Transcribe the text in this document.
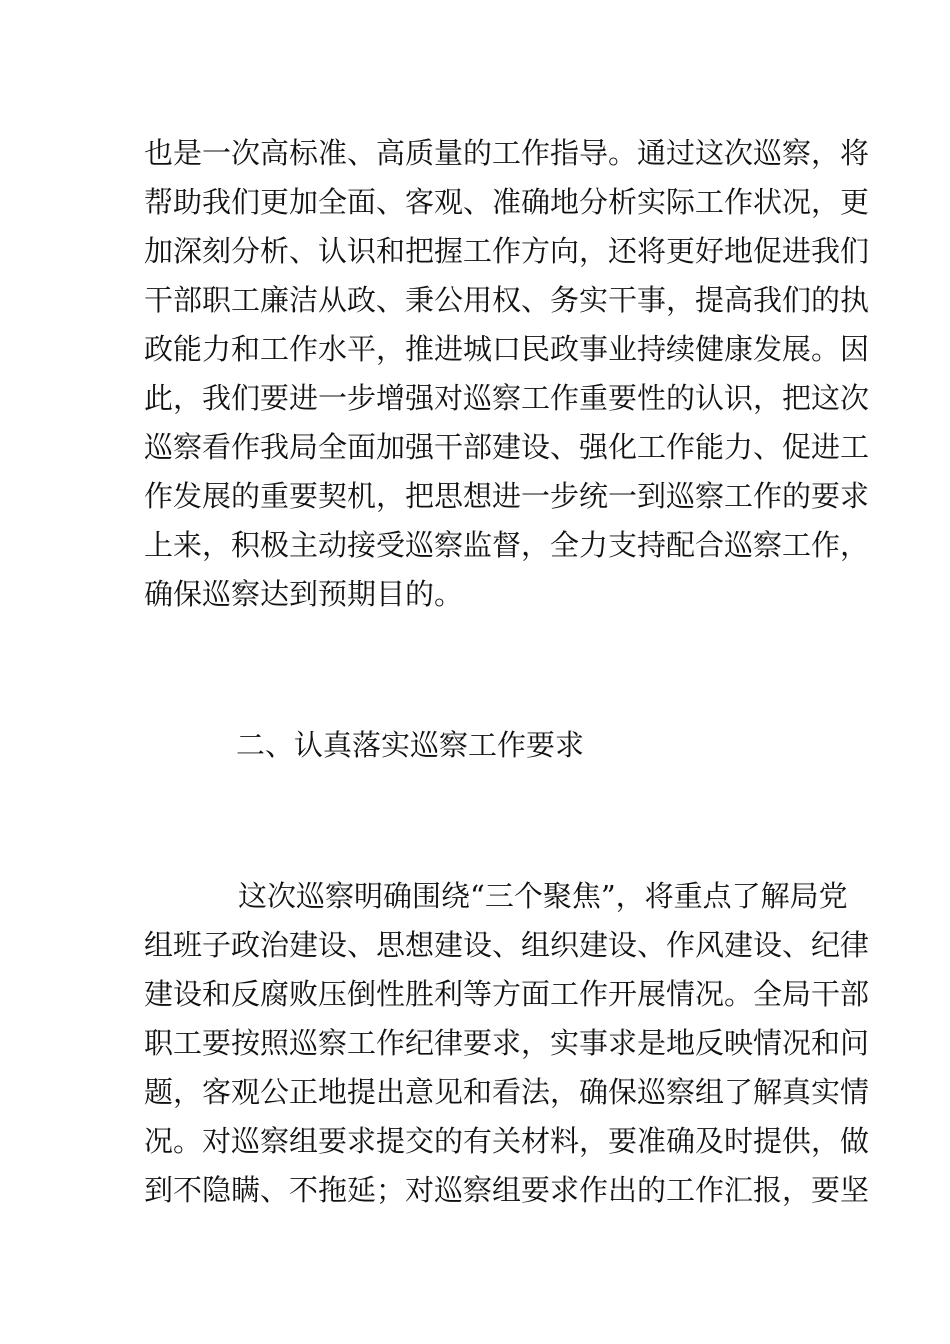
也是一次高标准、高质量的工作指导。通过这次巡察，将
帮助我们更加全面、客观、准确地分析实际工作状况，更
加深刻分析、认识和把握工作方向，还将更好地促进我们
干部职工廉洁从政、秉公用权、务实干事，提高我们的执
政能力和工作水平，推进城口民政事业持续健康发展。因
此，我们要进一步增强对巡察工作重要性的认识，把这次
巡察看作我局全面加强干部建设、强化工作能力、促进工
作发展的重要契机，把思想进一步统一到巡察工作的要求
上来，积极主动接受巡察监督，全力支持配合巡察工作，
确保巡察达到预期目的。
二、认真落实巡察工作要求
这次巡察明确围绕“三个聚焦”，将重点了解局党
组班子政治建设、思想建设、组织建设、作风建设、纪律
建设和反腐败压倒性胜利等方面工作开展情况。全局干部
职工要按照巡察工作纪律要求，实事求是地反映情况和问
题，客观公正地提出意见和看法，确保巡察组了解真实情
况。对巡察组要求提交的有关材料，要准确及时提供，做
到不隐瞒、不拖延；对巡察组要求作出的工作汇报，要坚
